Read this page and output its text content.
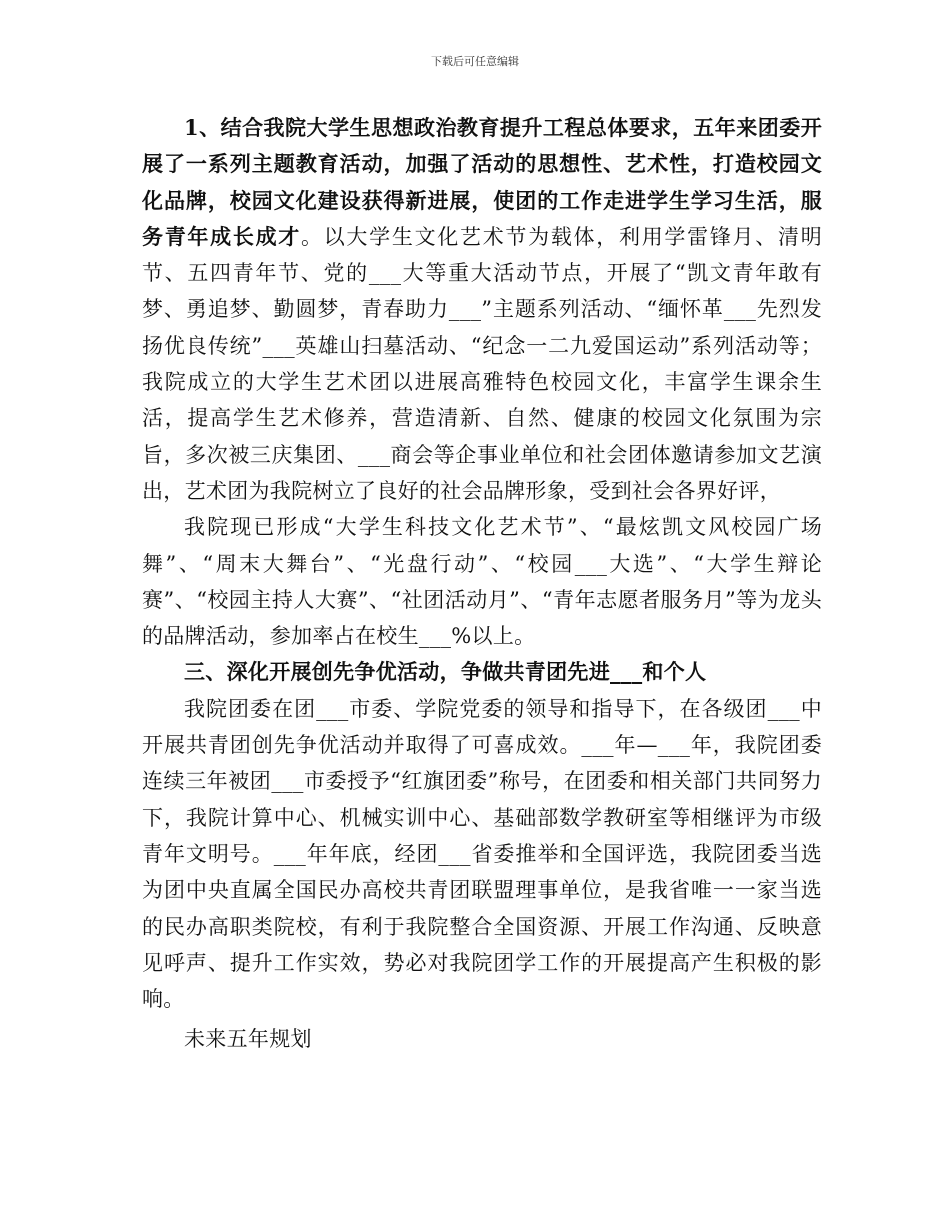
下载后可任意编辑

1、结合我院大学生思想政治教育提升工程总体要求，五年来团委开展了一系列主题教育活动，加强了活动的思想性、艺术性，打造校园文化品牌，校园文化建设获得新进展，使团的工作走进学生学习生活，服务青年成长成才。以大学生文化艺术节为载体，利用学雷锋月、清明节、五四青年节、党的___大等重大活动节点，开展了“凯文青年敢有梦、勇追梦、勤圆梦，青春助力___”主题系列活动、“缅怀革___先烈发扬优良传统”___英雄山扫墓活动、“纪念一二九爱国运动”系列活动等；我院成立的大学生艺术团以进展高雅特色校园文化，丰富学生课余生活，提高学生艺术修养，营造清新、自然、健康的校园文化氛围为宗旨，多次被三庆集团、___商会等企事业单位和社会团体邀请参加文艺演出，艺术团为我院树立了良好的社会品牌形象，受到社会各界好评，

我院现已形成“大学生科技文化艺术节”、“最炫凯文风校园广场舞”、“周末大舞台”、“光盘行动”、“校园___大选”、“大学生辩论赛”、“校园主持人大赛”、“社团活动月”、“青年志愿者服务月”等为龙头的品牌活动，参加率占在校生___%以上。

三、深化开展创先争优活动，争做共青团先进___和个人

我院团委在团___市委、学院党委的领导和指导下，在各级团___中开展共青团创先争优活动并取得了可喜成效。___年—___年，我院团委连续三年被团___市委授予“红旗团委”称号，在团委和相关部门共同努力下，我院计算中心、机械实训中心、基础部数学教研室等相继评为市级青年文明号。___年年底，经团___省委推举和全国评选，我院团委当选为团中央直属全国民办高校共青团联盟理事单位，是我省唯一一家当选的民办高职类院校，有利于我院整合全国资源、开展工作沟通、反映意见呼声、提升工作实效，势必对我院团学工作的开展提高产生积极的影响。

未来五年规划
